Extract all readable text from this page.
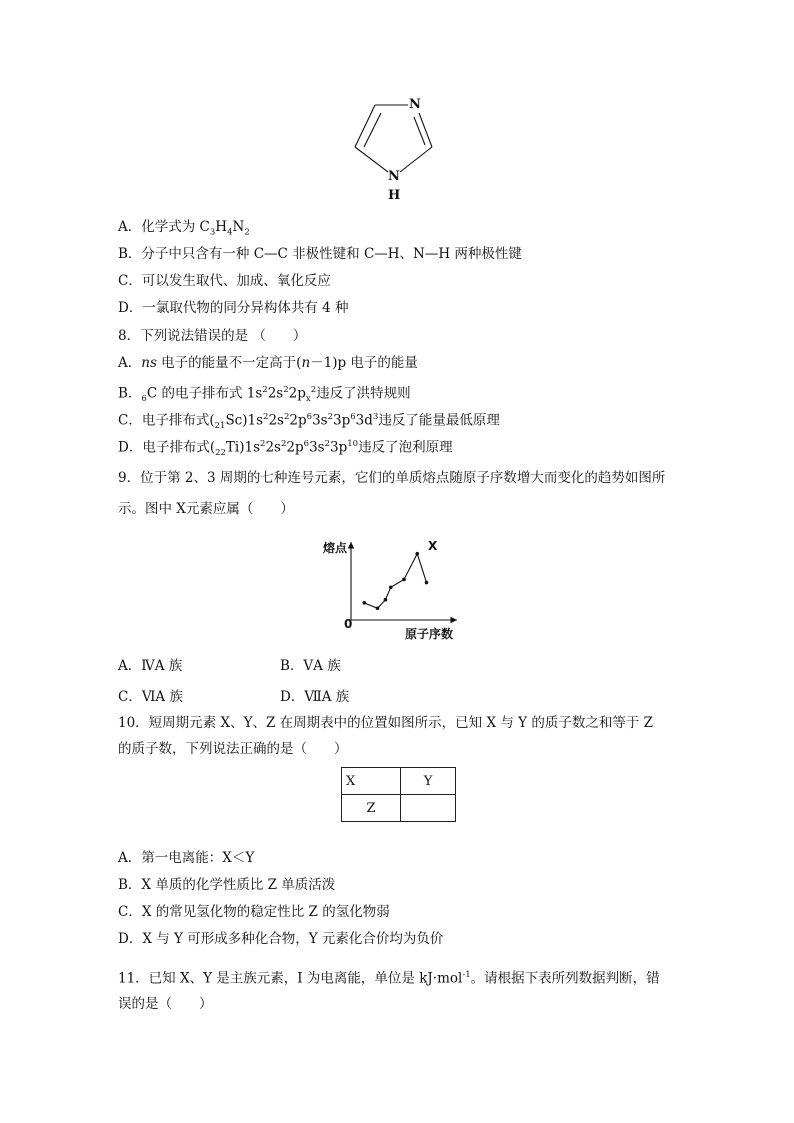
N
N
H
A．化学式为 $C_3H_4N_2$
B．分子中只含有一种 C—C 非极性键和 C—H、N—H 两种极性键
C．可以发生取代、加成、氧化反应
D．一氯取代物的同分异构体共有 4 种
8．下列说法错误的是 （　　）
A．ns 电子的能量不一定高于(n－1)p 电子的能量
B．$_6$C 的电子排布式 $1s^22s^22p_x^2$违反了洪特规则
C．电子排布式$(_{21}Sc)1s^22s^22p^63s^23p^63d^3$违反了能量最低原理
D．电子排布式$(_{22}Ti)1s^22s^22p^63s^23p^{10}$违反了泡利原理
9．位于第 2、3 周期的七种连号元素，它们的单质熔点随原子序数增大而变化的趋势如图所
示。图中 X元素应属（　　）
熔点
原子序数
0
X
A．ⅣA 族	B．ⅤA 族
C．ⅥA 族	D．ⅦA 族
10．短周期元素 X、Y、Z 在周期表中的位置如图所示，已知 X 与 Y 的质子数之和等于 Z
的质子数，下列说法正确的是（　　）
X	Y
Z	
A．第一电离能：X＜Y
B．X 单质的化学性质比 Z 单质活泼
C．X 的常见氢化物的稳定性比 Z 的氢化物弱
D．X 与 Y 可形成多种化合物，Y 元素化合价均为负价
11．已知 X、Y 是主族元素，I 为电离能，单位是 kJ·mol$^{-1}$。请根据下表所列数据判断，错
误的是（　　）
